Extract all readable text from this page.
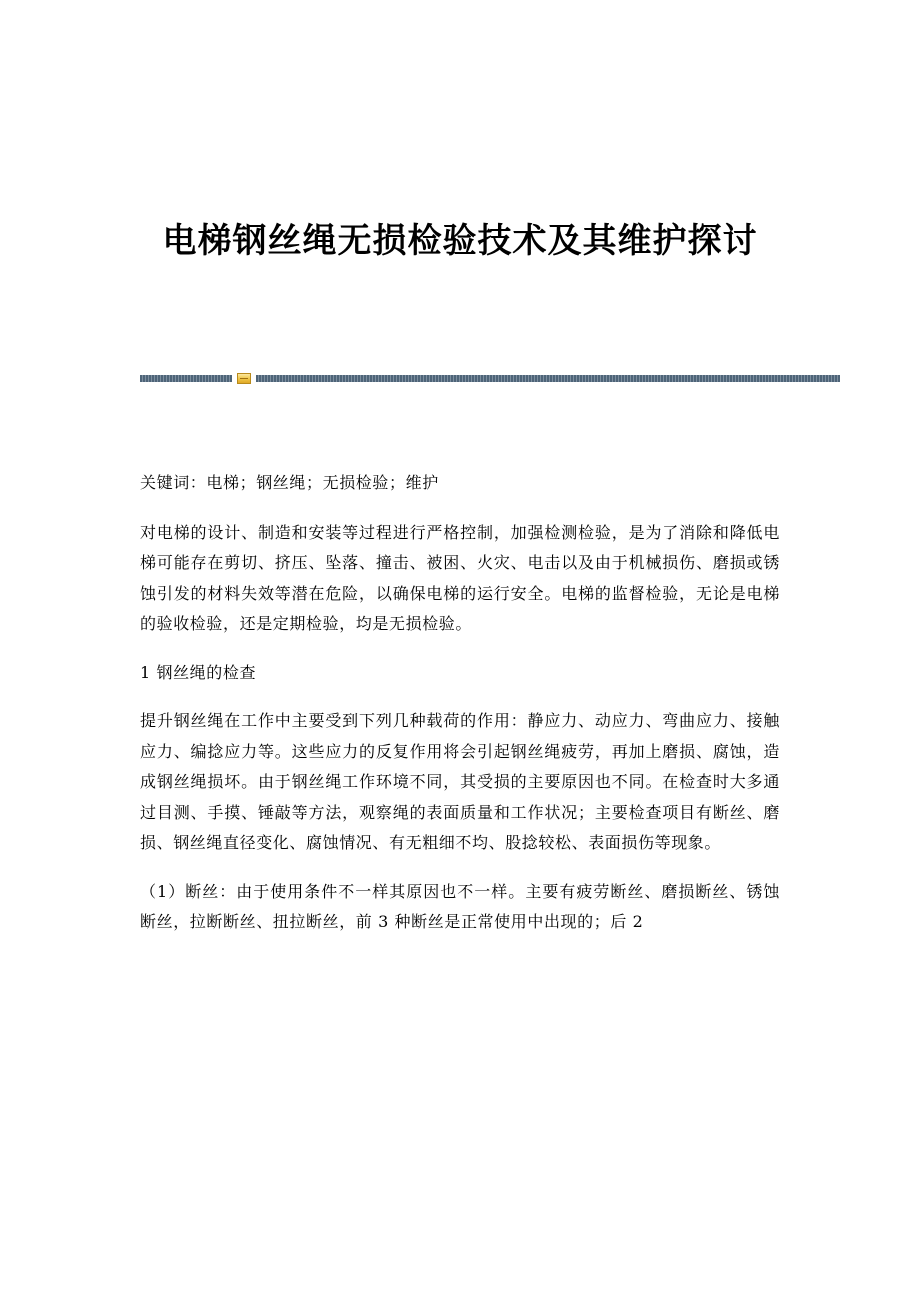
电梯钢丝绳无损检验技术及其维护探讨

关键词：电梯；钢丝绳；无损检验；维护

对电梯的设计、制造和安装等过程进行严格控制，加强检测检验，是为了消除和降低电梯可能存在剪切、挤压、坠落、撞击、被困、火灾、电击以及由于机械损伤、磨损或锈蚀引发的材料失效等潜在危险，以确保电梯的运行安全。电梯的监督检验，无论是电梯的验收检验，还是定期检验，均是无损检验。

1 钢丝绳的检查

提升钢丝绳在工作中主要受到下列几种载荷的作用：静应力、动应力、弯曲应力、接触应力、编捻应力等。这些应力的反复作用将会引起钢丝绳疲劳，再加上磨损、腐蚀，造成钢丝绳损坏。由于钢丝绳工作环境不同，其受损的主要原因也不同。在检查时大多通过目测、手摸、锤敲等方法，观察绳的表面质量和工作状况；主要检查项目有断丝、磨损、钢丝绳直径变化、腐蚀情况、有无粗细不均、股捻较松、表面损伤等现象。

（1）断丝：由于使用条件不一样其原因也不一样。主要有疲劳断丝、磨损断丝、锈蚀断丝，拉断断丝、扭拉断丝，前 3 种断丝是正常使用中出现的；后 2
